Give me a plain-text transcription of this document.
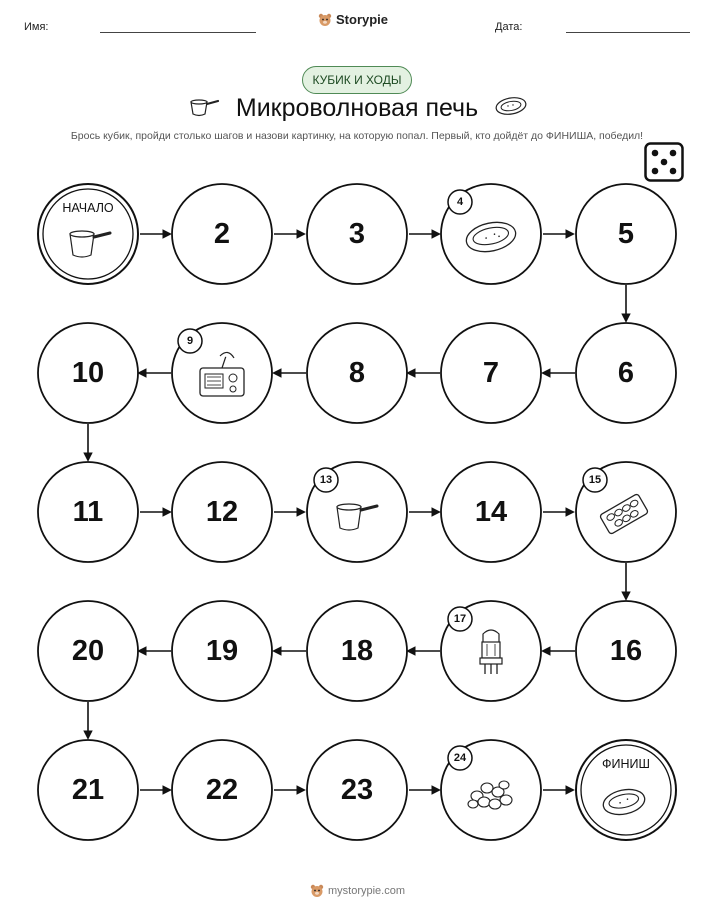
Имя:	Storypie	Дата:
КУБИК И ХОДЫ
Микроволновая печь
Брось кубик, пройди столько шагов и назови картинку, на которую попал. Первый, кто дойдёт до ФИНИША, победил!
НАЧАЛО
ФИНИШ
2	3
4
5
6
7
8
9
10
11	12
13
14
15
16
17
18
19
20
21	22	23
24
mystorypie.com
